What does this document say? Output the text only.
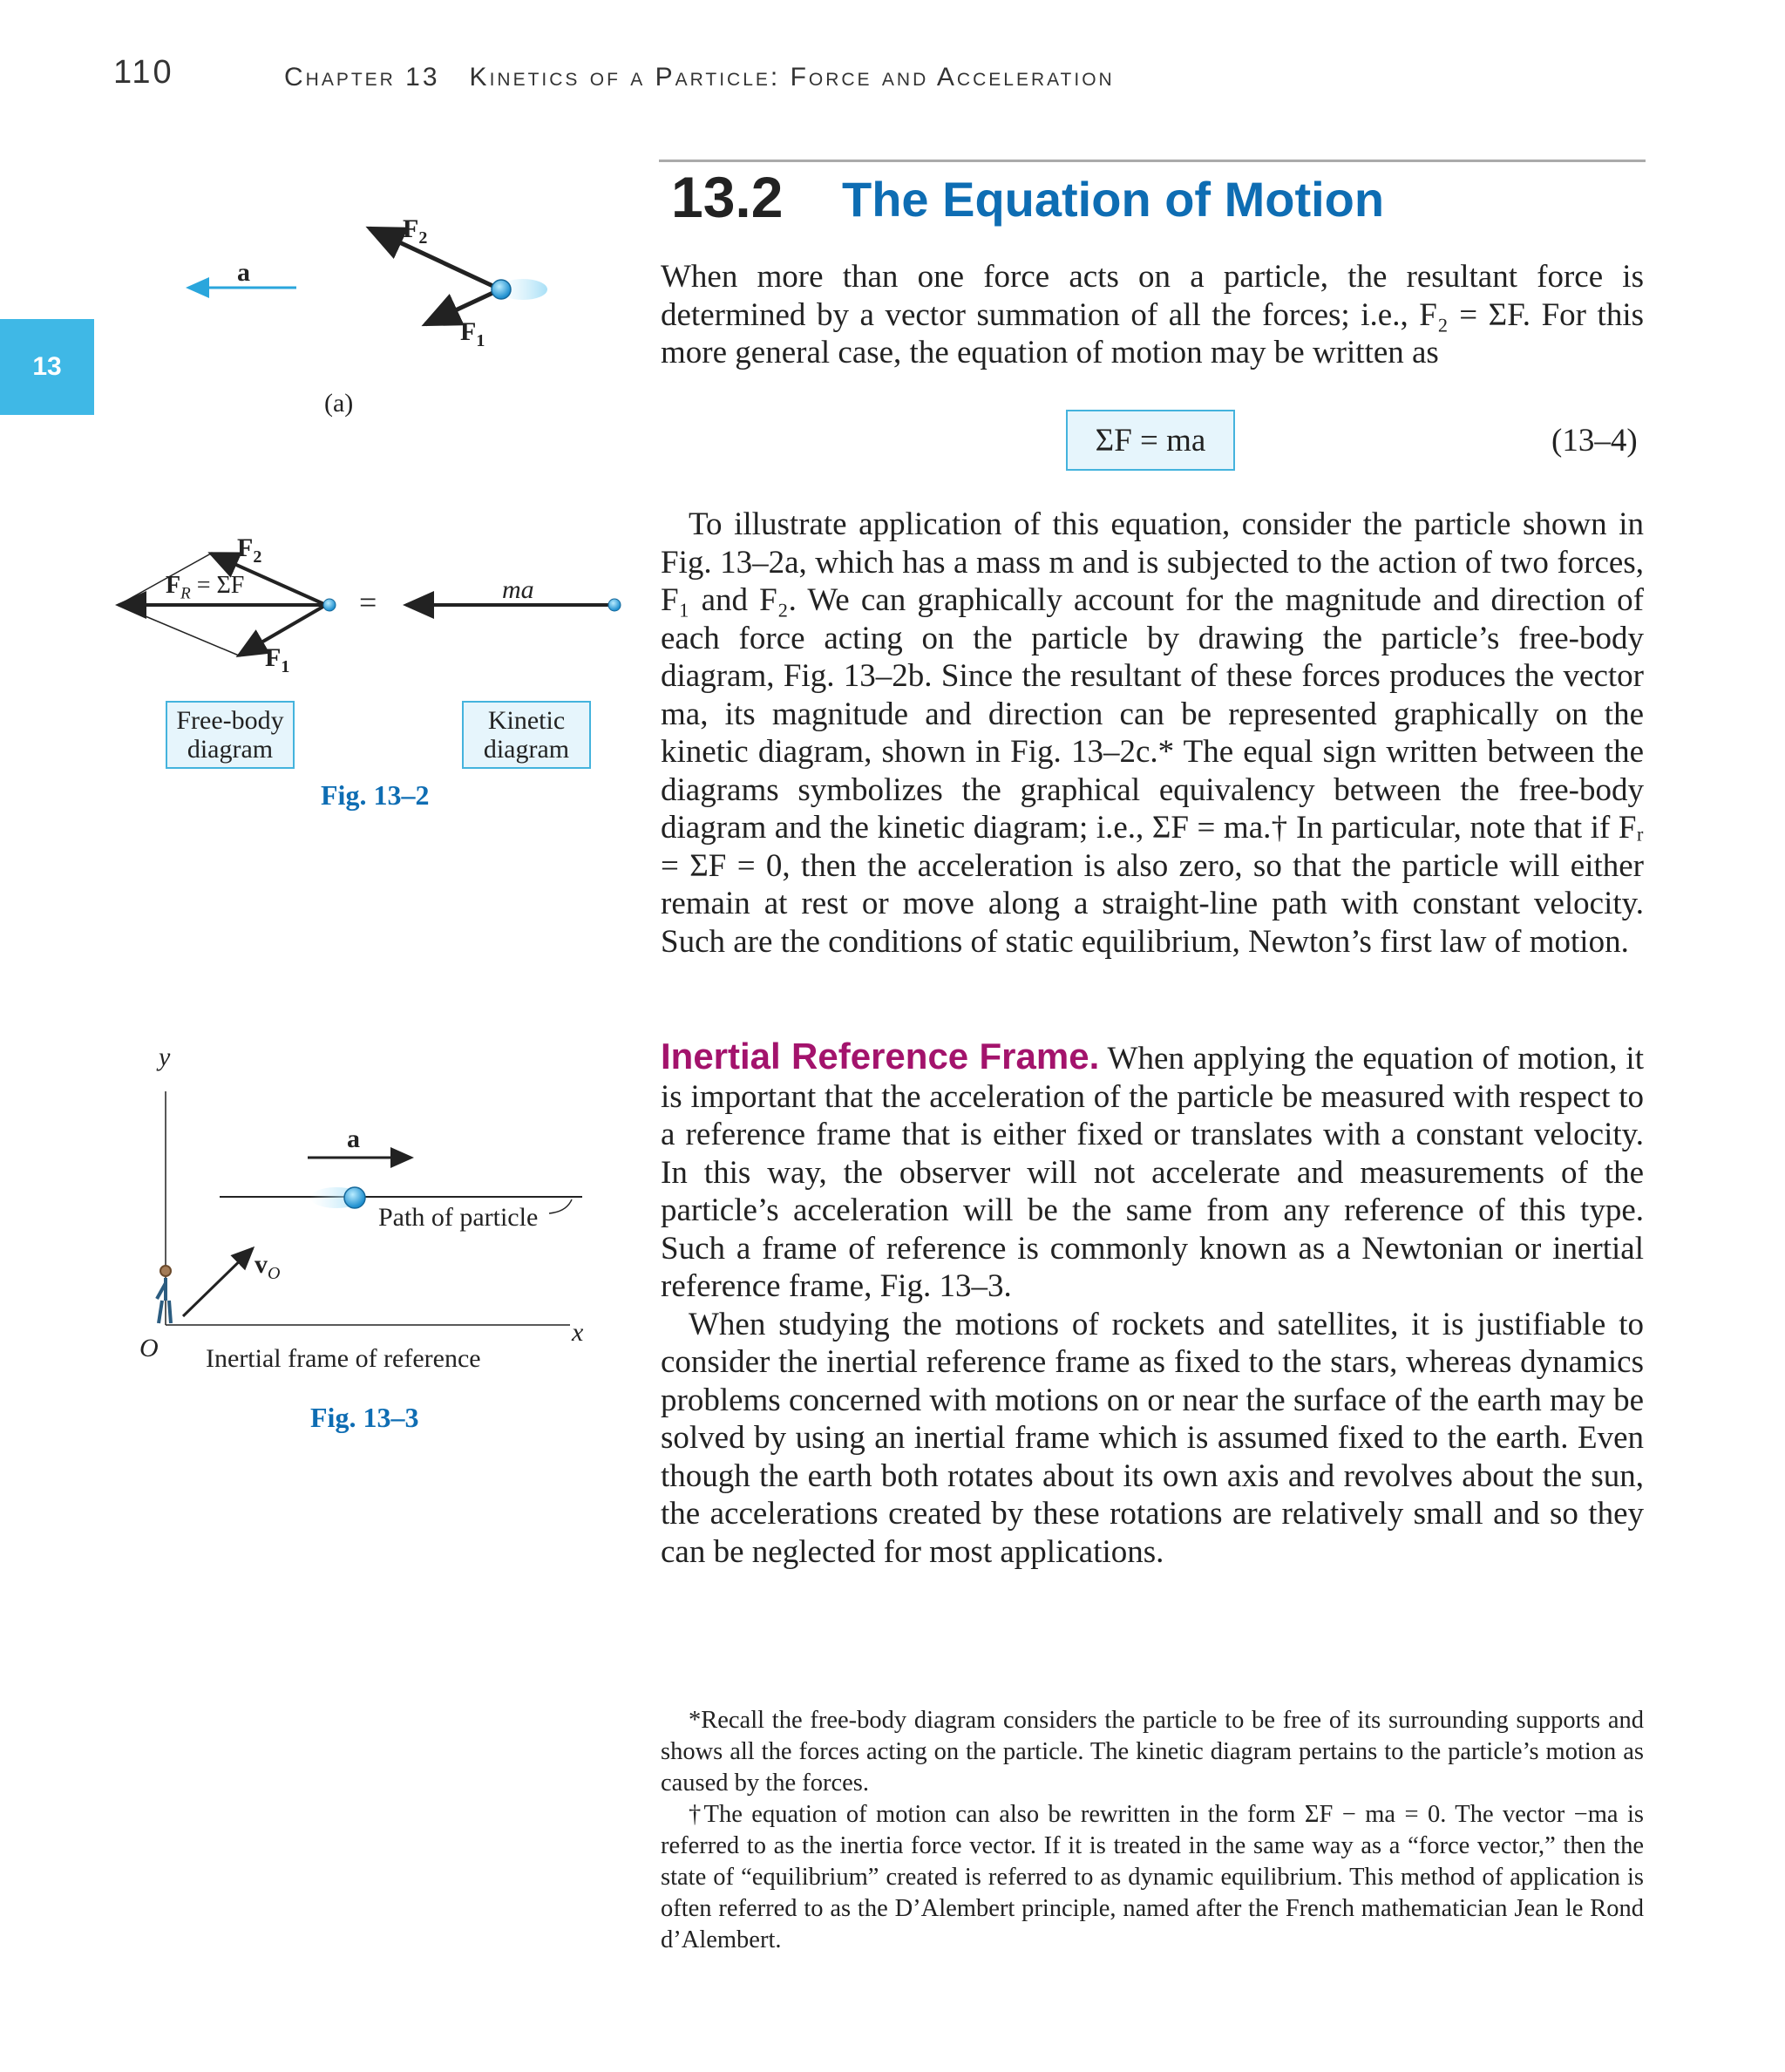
110	Chapter 13   Kinetics of a Particle: Force and Acceleration
13
13.2 The Equation of Motion

When more than one force acts on a particle, the resultant force is determined by a vector summation of all the forces; i.e., F₂ = ΣF. For this more general case, the equation of motion may be written as

ΣF = ma	(13–4)

To illustrate application of this equation, consider the particle shown in Fig. 13–2a, which has a mass m and is subjected to the action of two forces, F₁ and F₂. We can graphically account for the magnitude and direction of each force acting on the particle by drawing the particle’s free-body diagram, Fig. 13–2b. Since the resultant of these forces produces the vector ma, its magnitude and direction can be represented graphically on the kinetic diagram, shown in Fig. 13–2c.* The equal sign written between the diagrams symbolizes the graphical equivalency between the free-body diagram and the kinetic diagram; i.e., ΣF = ma.† In particular, note that if Fᵣ = ΣF = 0, then the acceleration is also zero, so that the particle will either remain at rest or move along a straight-line path with constant velocity. Such are the conditions of static equilibrium, Newton’s first law of motion.

Inertial Reference Frame. When applying the equation of motion, it is important that the acceleration of the particle be measured with respect to a reference frame that is either fixed or translates with a constant velocity. In this way, the observer will not accelerate and measurements of the particle’s acceleration will be the same from any reference of this type. Such a frame of reference is commonly known as a Newtonian or inertial reference frame, Fig. 13–3.

When studying the motions of rockets and satellites, it is justifiable to consider the inertial reference frame as fixed to the stars, whereas dynamics problems concerned with motions on or near the surface of the earth may be solved by using an inertial frame which is assumed fixed to the earth. Even though the earth both rotates about its own axis and revolves about the sun, the accelerations created by these rotations are relatively small and so they can be neglected for most applications.

*Recall the free-body diagram considers the particle to be free of its surrounding supports and shows all the forces acting on the particle. The kinetic diagram pertains to the particle’s motion as caused by the forces.

†The equation of motion can also be rewritten in the form ΣF − ma = 0. The vector −ma is referred to as the inertia force vector. If it is treated in the same way as a “force vector,” then the state of “equilibrium” created is referred to as dynamic equilibrium. This method of application is often referred to as the D’Alembert principle, named after the French mathematician Jean le Rond d’Alembert.

a
$F_2$
$F_1$
(a)
$F_2$
$F_R = \Sigma F$
$F_1$
=	ma
Free-body
diagram
Kinetic
diagram
Fig. 13–2
y
x
O
a
$v_O$
Path of particle
Inertial frame of reference
Fig. 13–3
